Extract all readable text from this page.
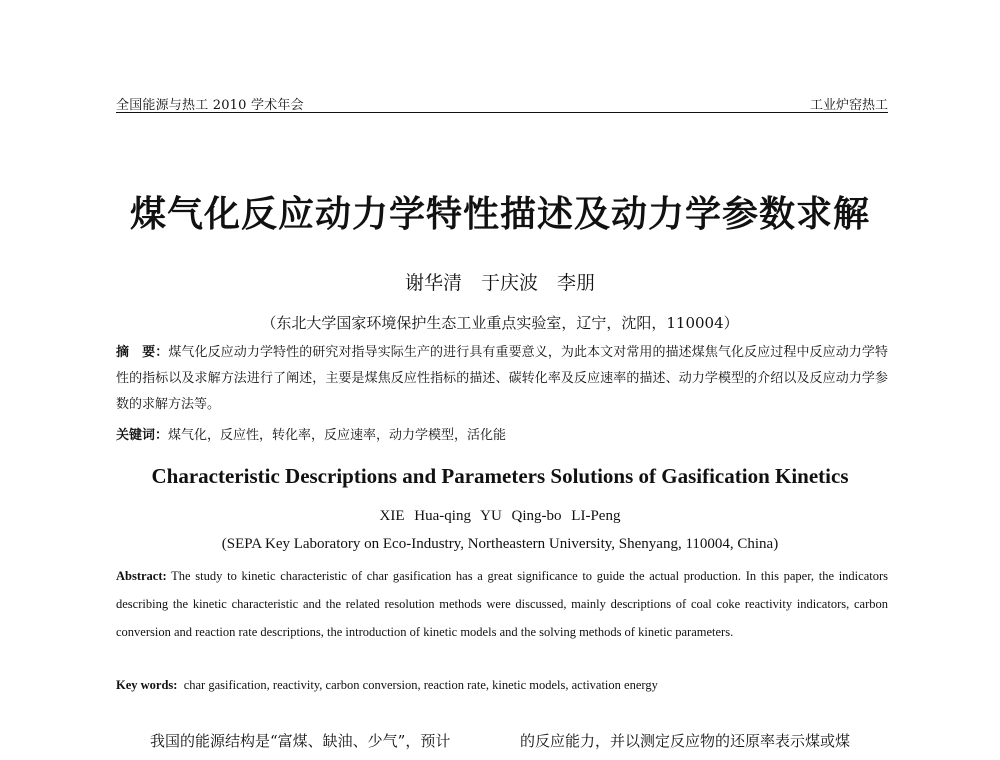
全国能源与热工 2010 学术年会	工业炉窑热工
煤气化反应动力学特性描述及动力学参数求解
谢华清　于庆波　李朋
（东北大学国家环境保护生态工业重点实验室，辽宁，沈阳，110004）
摘　要：煤气化反应动力学特性的研究对指导实际生产的进行具有重要意义，为此本文对常用的描述煤焦气化反应过程中反应动力学特性的指标以及求解方法进行了阐述，主要是煤焦反应性指标的描述、碳转化率及反应速率的描述、动力学模型的介绍以及反应动力学参数的求解方法等。
关键词：煤气化，反应性，转化率，反应速率，动力学模型，活化能
Characteristic Descriptions and Parameters Solutions of Gasification Kinetics
XIE Hua-qing YU Qing-bo LI-Peng
(SEPA Key Laboratory on Eco-Industry, Northeastern University, Shenyang, 110004, China)
Abstract: The study to kinetic characteristic of char gasification has a great significance to guide the actual production. In this paper, the indicators describing the kinetic characteristic and the related resolution methods were discussed, mainly descriptions of coal coke reactivity indicators, carbon conversion and reaction rate descriptions, the introduction of kinetic models and the solving methods of kinetic parameters.
Key words: char gasification, reactivity, carbon conversion, reaction rate, kinetic models, activation energy
我国的能源结构是“富煤、缺油、少气”，预计	的反应能力，并以测定反应物的还原率表示煤或煤
